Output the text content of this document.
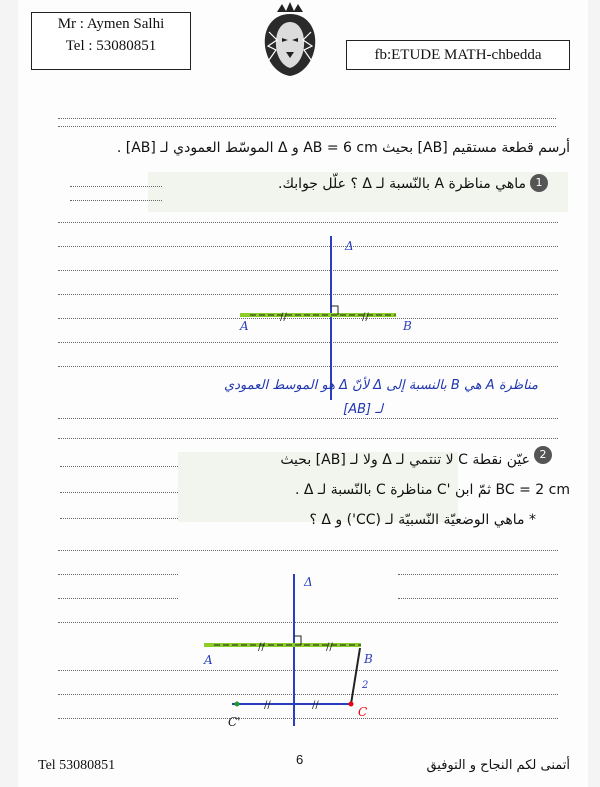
Mr : Aymen Salhi
Tel : 53080851
fb:ETUDE MATH-chbedda
أرسم قطعة مستقيم [AB] بحيث AB = 6 cm و Δ الموسّط العمودي لـ [AB] .
1
ماهي مناظرة A بالنّسبة لـ Δ ؟ علّل جوابك.
Δ
A	B
//	//
مناظرة A هي B بالنسبة إلى Δ لأنّ Δ هو الموسط العمودي
لـ [AB]
2
عيّن نقطة C لا تنتمي لـ Δ ولا لـ [AB] بحيث
BC = 2 cm ثمّ ابن 'C مناظرة C بالنّسبة لـ Δ .
* ماهي الوضعيّة النّسبيّة لـ (CC') و Δ ؟
Δ
A	B
C
C'
2
//	//
//	//
Tel 53080851	6	أتمنى لكم النجاح و التوفيق
